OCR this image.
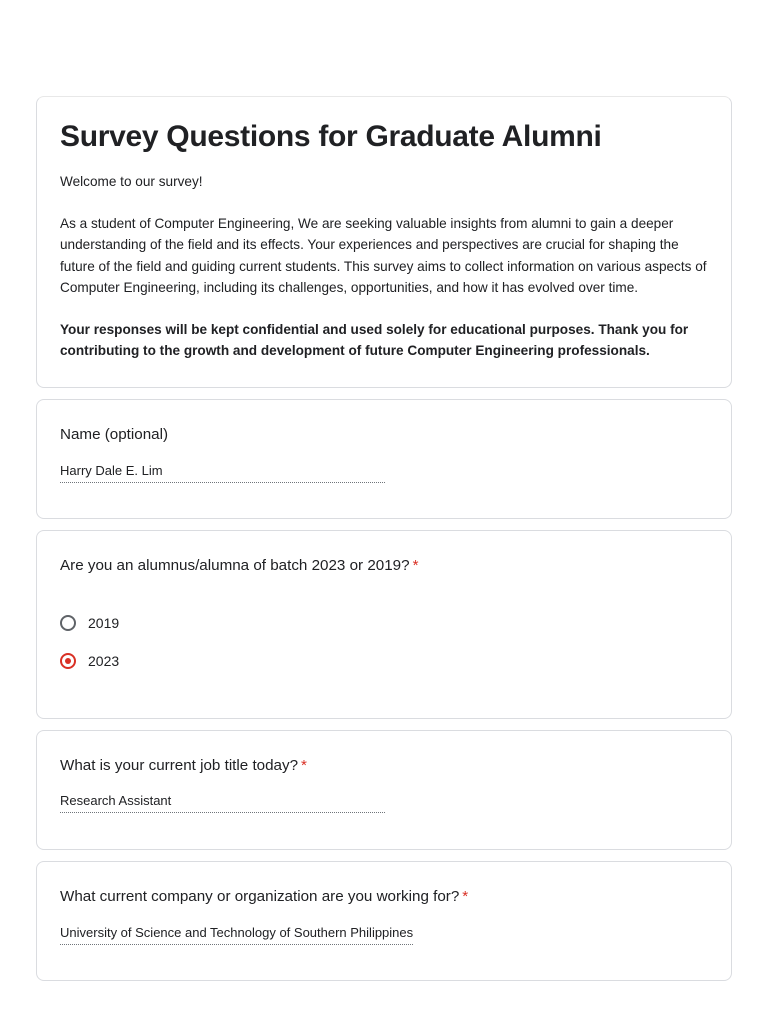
Survey Questions for Graduate Alumni

Welcome to our survey!

As a student of Computer Engineering, We are seeking valuable insights from alumni to gain a deeper understanding of the field and its effects. Your experiences and perspectives are crucial for shaping the future of the field and guiding current students. This survey aims to collect information on various aspects of Computer Engineering, including its challenges, opportunities, and how it has evolved over time.

Your responses will be kept confidential and used solely for educational purposes. Thank you for contributing to the growth and development of future Computer Engineering professionals.

Name (optional)
Harry Dale E. Lim
Are you an alumnus/alumna of batch 2023 or 2019? *
2019
2023
What is your current job title today? *
Research Assistant
What current company or organization are you working for? *
University of Science and Technology of Southern Philippines
